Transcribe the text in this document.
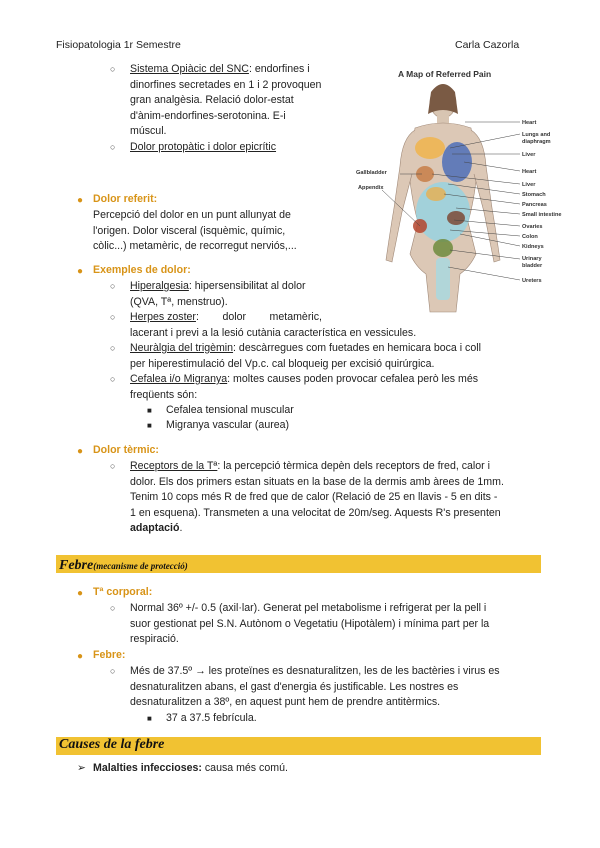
Fisiopatologia 1r Semestre	Carla Cazorla
A Map of Referred Pain
Heart
Lungs and
diaphragm
Liver
Heart
Liver
Stomach
Pancreas
Small intestine
Ovaries
Colon
Kidneys
Urinary
bladder
Ureters
Gallbladder
Appendix
○ Sistema Opiàcic del SNC: endorfines i
dinorfines secretades en 1 i 2 provoquen
gran analgèsia. Relació dolor-estat
d'ànim-endorfines-serotonina. E-i
múscul.
○ Dolor protopàtic i dolor epicrític
● Dolor referit:
Percepció del dolor en un punt allunyat de
l'origen. Dolor visceral (isquèmic, químic,
còlic...) metamèric, de recorregut nerviós,...
● Exemples de dolor:
○ Hiperalgesia: hipersensibilitat al dolor
(QVA, Tª, menstruo).
○ Herpes zoster:        dolor        metamèric,
lacerant i previ a la lesió cutània característica en vessicules.
○ Neuràlgia del trigèmin: descàrregues com fuetades en hemicara boca i coll
per hiperestimulació del Vp.c. cal bloqueig per excisió quirúrgica.
○ Cefalea i/o Migranya: moltes causes poden provocar cefalea però les més
freqüents són:
■ Cefalea tensional muscular
■ Migranya vascular (aurea)
● Dolor tèrmic:
○ Receptors de la Tª: la percepció tèrmica depèn dels receptors de fred, calor i
dolor. Els dos primers estan situats en la base de la dermis amb àrees de 1mm.
Tenim 10 cops més R de fred que de calor (Relació de 25 en llavis - 5 en dits -
1 en esquena). Transmeten a una velocitat de 20m/seg. Aquests R's presenten
adaptació.
Febre(mecanisme de protecció)
● Tª corporal:
○ Normal 36º +/- 0.5 (axil·lar). Generat pel metabolisme i refrigerat per la pell i
suor gestionat pel S.N. Autònom o Vegetatiu (Hipotàlem) i mínima part per la
respiració.
● Febre:
○ Més de 37.5º → les proteïnes es desnaturalitzen, les de les bactèries i virus es
desnaturalitzen abans, el gast d'energia és justificable. Les nostres es
desnaturalitzen a 38º, en aquest punt hem de prendre antitèrmics.
■ 37 a 37.5 febrícula.
Causes de la febre
➢ Malalties infeccioses: causa més comú.
